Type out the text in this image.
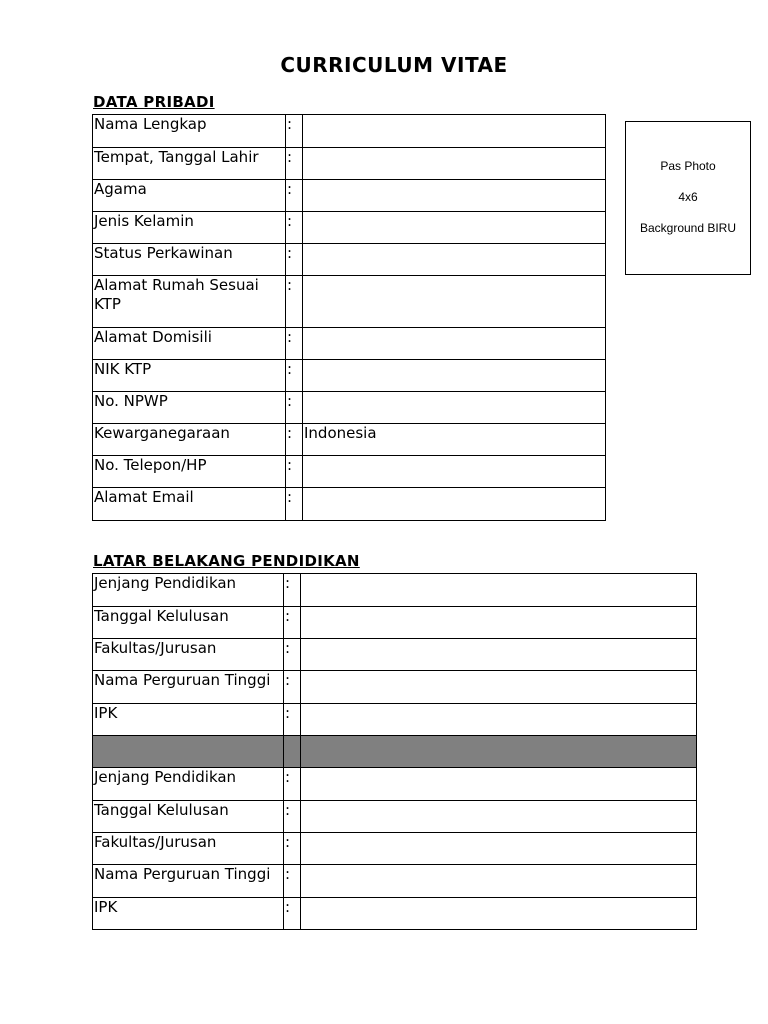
CURRICULUM VITAE
DATA PRIBADI
Nama Lengkap	:	
Tempat, Tanggal Lahir	:	
Agama	:	
Jenis Kelamin	:	
Status Perkawinan	:	
Alamat Rumah Sesuai KTP	:	
Alamat Domisili	:	
NIK KTP	:	
No. NPWP	:	
Kewarganegaraan	:	Indonesia
No. Telepon/HP	:	
Alamat Email	:	
Pas Photo
4x6
Background BIRU
LATAR BELAKANG PENDIDIKAN
Jenjang Pendidikan	:	
Tanggal Kelulusan	:	
Fakultas/Jurusan	:	
Nama Perguruan Tinggi	:	
IPK	:	

Jenjang Pendidikan	:	
Tanggal Kelulusan	:	
Fakultas/Jurusan	:	
Nama Perguruan Tinggi	:	
IPK	:	
